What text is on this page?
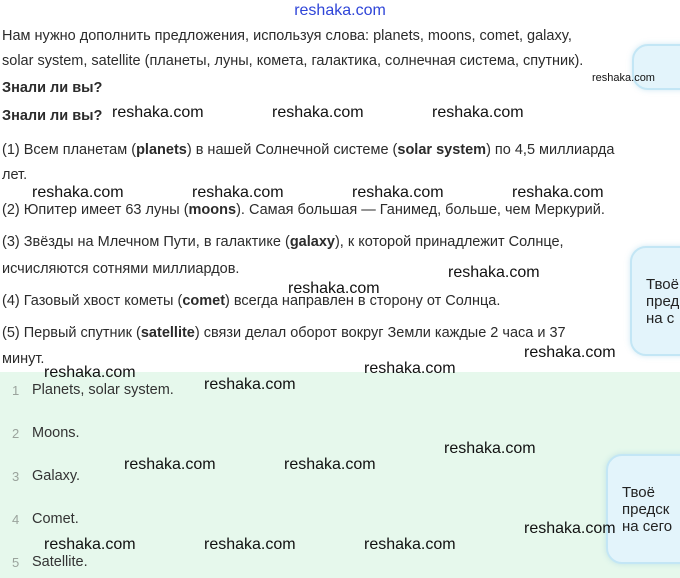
reshaka.com
Нам нужно дополнить предложения, используя слова: planets, moons, comet, galaxy,
solar system, satellite (планеты, луны, комета, галактика, солнечная система, спутник).
Знали ли вы?
Знали ли вы?
(1) Всем планетам (planets) в нашей Солнечной системе (solar system) по 4,5 миллиарда
лет.
(2) Юпитер имеет 63 луны (moons). Самая большая — Ганимед, больше, чем Меркурий.
(3) Звёзды на Млечном Пути, в галактике (galaxy), к которой принадлежит Солнце,
исчисляются сотнями миллиардов.
(4) Газовый хвост кометы (comet) всегда направлен в сторону от Солнца.
(5) Первый спутник (satellite) связи делал оборот вокруг Земли каждые 2 часа и 37
минут.
1 Planets, solar system.
2 Moons.
3 Galaxy.
4 Comet.
5 Satellite.
Твоё
пред
на с
Твоё
предск
на сего
reshaka.com
reshaka.com	reshaka.com	reshaka.com
reshaka.com	reshaka.com	reshaka.com	reshaka.com
reshaka.com
reshaka.com
reshaka.com
reshaka.com
reshaka.com
reshaka.com
reshaka.com
reshaka.com	reshaka.com
reshaka.com
reshaka.com	reshaka.com	reshaka.com
